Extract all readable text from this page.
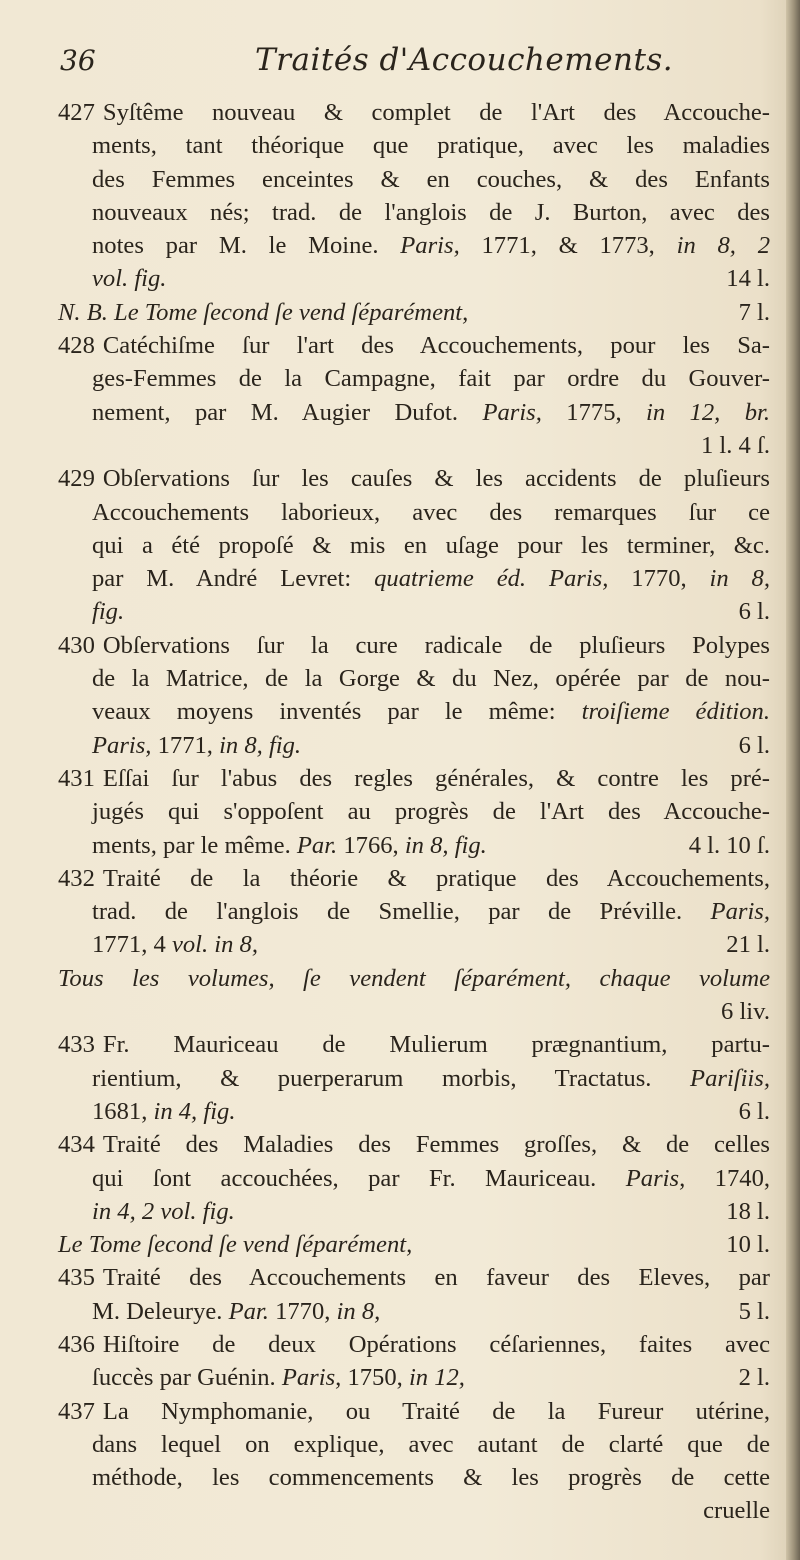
36	Traités d'Accouchements.
427 Syſtême nouveau & complet de l'Art des Accouche-
ments, tant théorique que pratique, avec les maladies
des Femmes enceintes & en couches, & des Enfants
nouveaux nés; trad. de l'anglois de J. Burton, avec des
notes par M. le Moine. Paris, 1771, & 1773, in 8, 2
vol. fig.	14 l.
N. B. Le Tome ſecond ſe vend ſéparément,	7 l.
428 Catéchiſme ſur l'art des Accouchements, pour les Sa-
ges-Femmes de la Campagne, fait par ordre du Gouver-
nement, par M. Augier Dufot. Paris, 1775, in 12, br.
1 l. 4 ſ.
429 Obſervations ſur les cauſes & les accidents de pluſieurs
Accouchements laborieux, avec des remarques ſur ce
qui a été propoſé & mis en uſage pour les terminer, &c.
par M. André Levret: quatrieme éd. Paris, 1770, in 8,
fig.	6 l.
430 Obſervations ſur la cure radicale de pluſieurs Polypes
de la Matrice, de la Gorge & du Nez, opérée par de nou-
veaux moyens inventés par le même: troiſieme édition.
Paris, 1771, in 8, fig.	6 l.
431 Eſſai ſur l'abus des regles générales, & contre les pré-
jugés qui s'oppoſent au progrès de l'Art des Accouche-
ments, par le même. Par. 1766, in 8, fig.	4 l. 10 ſ.
432 Traité de la théorie & pratique des Accouchements,
trad. de l'anglois de Smellie, par de Préville. Paris,
1771, 4 vol. in 8,	21 l.
Tous les volumes, ſe vendent ſéparément, chaque volume
6 liv.
433 Fr. Mauriceau de Mulierum prægnantium, partu-
rientium, & puerperarum morbis, Tractatus. Pariſiis,
1681, in 4, fig.	6 l.
434 Traité des Maladies des Femmes groſſes, & de celles
qui ſont accouchées, par Fr. Mauriceau. Paris, 1740,
in 4, 2 vol. fig.	18 l.
Le Tome ſecond ſe vend ſéparément,	10 l.
435 Traité des Accouchements en faveur des Eleves, par
M. Deleurye. Par. 1770, in 8,	5 l.
436 Hiſtoire de deux Opérations céſariennes, faites avec
ſuccès par Guénin. Paris, 1750, in 12,	2 l.
437 La Nymphomanie, ou Traité de la Fureur utérine,
dans lequel on explique, avec autant de clarté que de
méthode, les commencements & les progrès de cette
cruelle
